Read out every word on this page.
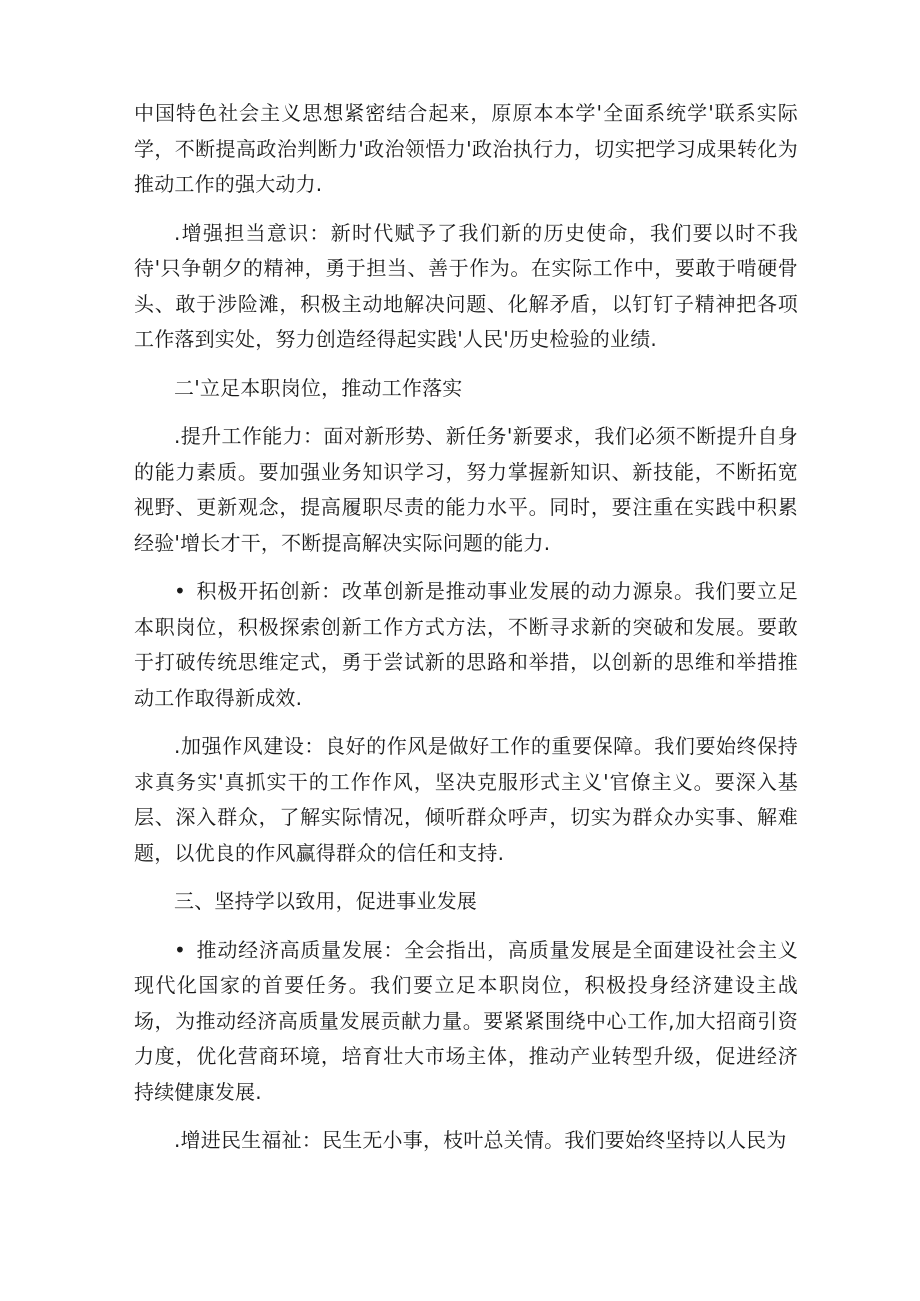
中国特色社会主义思想紧密结合起来，原原本本学'全面系统学'联系实际学，不断提高政治判断力'政治领悟力'政治执行力，切实把学习成果转化为推动工作的强大动力.

.增强担当意识：新时代赋予了我们新的历史使命，我们要以时不我待'只争朝夕的精神，勇于担当、善于作为。在实际工作中，要敢于啃硬骨头、敢于涉险滩，积极主动地解决问题、化解矛盾，以钉钉子精神把各项工作落到实处，努力创造经得起实践'人民'历史检验的业绩.

二'立足本职岗位，推动工作落实

.提升工作能力：面对新形势、新任务'新要求，我们必须不断提升自身的能力素质。要加强业务知识学习，努力掌握新知识、新技能，不断拓宽视野、更新观念，提高履职尽责的能力水平。同时，要注重在实践中积累经验'增长才干，不断提高解决实际问题的能力.

• 积极开拓创新：改革创新是推动事业发展的动力源泉。我们要立足本职岗位，积极探索创新工作方式方法，不断寻求新的突破和发展。要敢于打破传统思维定式，勇于尝试新的思路和举措，以创新的思维和举措推动工作取得新成效.

.加强作风建设：良好的作风是做好工作的重要保障。我们要始终保持求真务实'真抓实干的工作作风，坚决克服形式主义'官僚主义。要深入基层、深入群众，了解实际情况，倾听群众呼声，切实为群众办实事、解难题，以优良的作风赢得群众的信任和支持.

三、坚持学以致用，促进事业发展

• 推动经济高质量发展：全会指出，高质量发展是全面建设社会主义现代化国家的首要任务。我们要立足本职岗位，积极投身经济建设主战场，为推动经济高质量发展贡献力量。要紧紧围绕中心工作,加大招商引资力度，优化营商环境，培育壮大市场主体，推动产业转型升级，促进经济持续健康发展.

.增进民生福祉：民生无小事，枝叶总关情。我们要始终坚持以人民为
